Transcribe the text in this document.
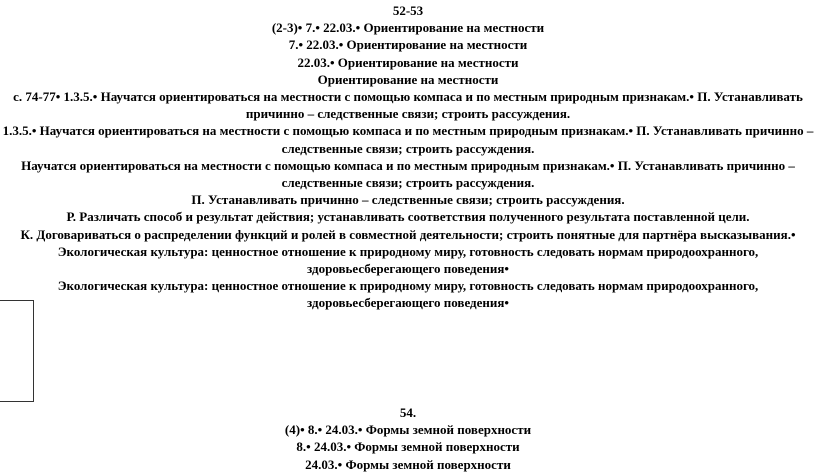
52-53
(2-3)• 7.• 22.03.• Ориентирование на местности
7.• 22.03.• Ориентирование на местности
22.03.• Ориентирование на местности
Ориентирование на местности
с. 74-77• 1.3.5.• Научатся ориентироваться на местности с помощью компаса и по местным природным признакам.• П. Устанавливать причинно – следственные связи; строить рассуждения.
1.3.5.• Научатся ориентироваться на местности с помощью компаса и по местным природным признакам.• П. Устанавливать причинно – следственные связи; строить рассуждения.
Научатся ориентироваться на местности с помощью компаса и по местным природным признакам.• П. Устанавливать причинно – следственные связи; строить рассуждения.
П. Устанавливать причинно – следственные связи; строить рассуждения.
Р. Различать способ и результат действия; устанавливать соответствия полученного результата поставленной цели.
К. Договариваться о распределении функций и ролей в совместной деятельности; строить понятные для партнёра высказывания.• Экологическая культура: ценностное отношение к природному миру, готовность следовать нормам природоохранного, здоровьесберегающего поведения•
Экологическая культура: ценностное отношение к природному миру, готовность следовать нормам природоохранного, здоровьесберегающего поведения•
54.
(4)• 8.• 24.03.• Формы земной поверхности
8.• 24.03.• Формы земной поверхности
24.03.• Формы земной поверхности
